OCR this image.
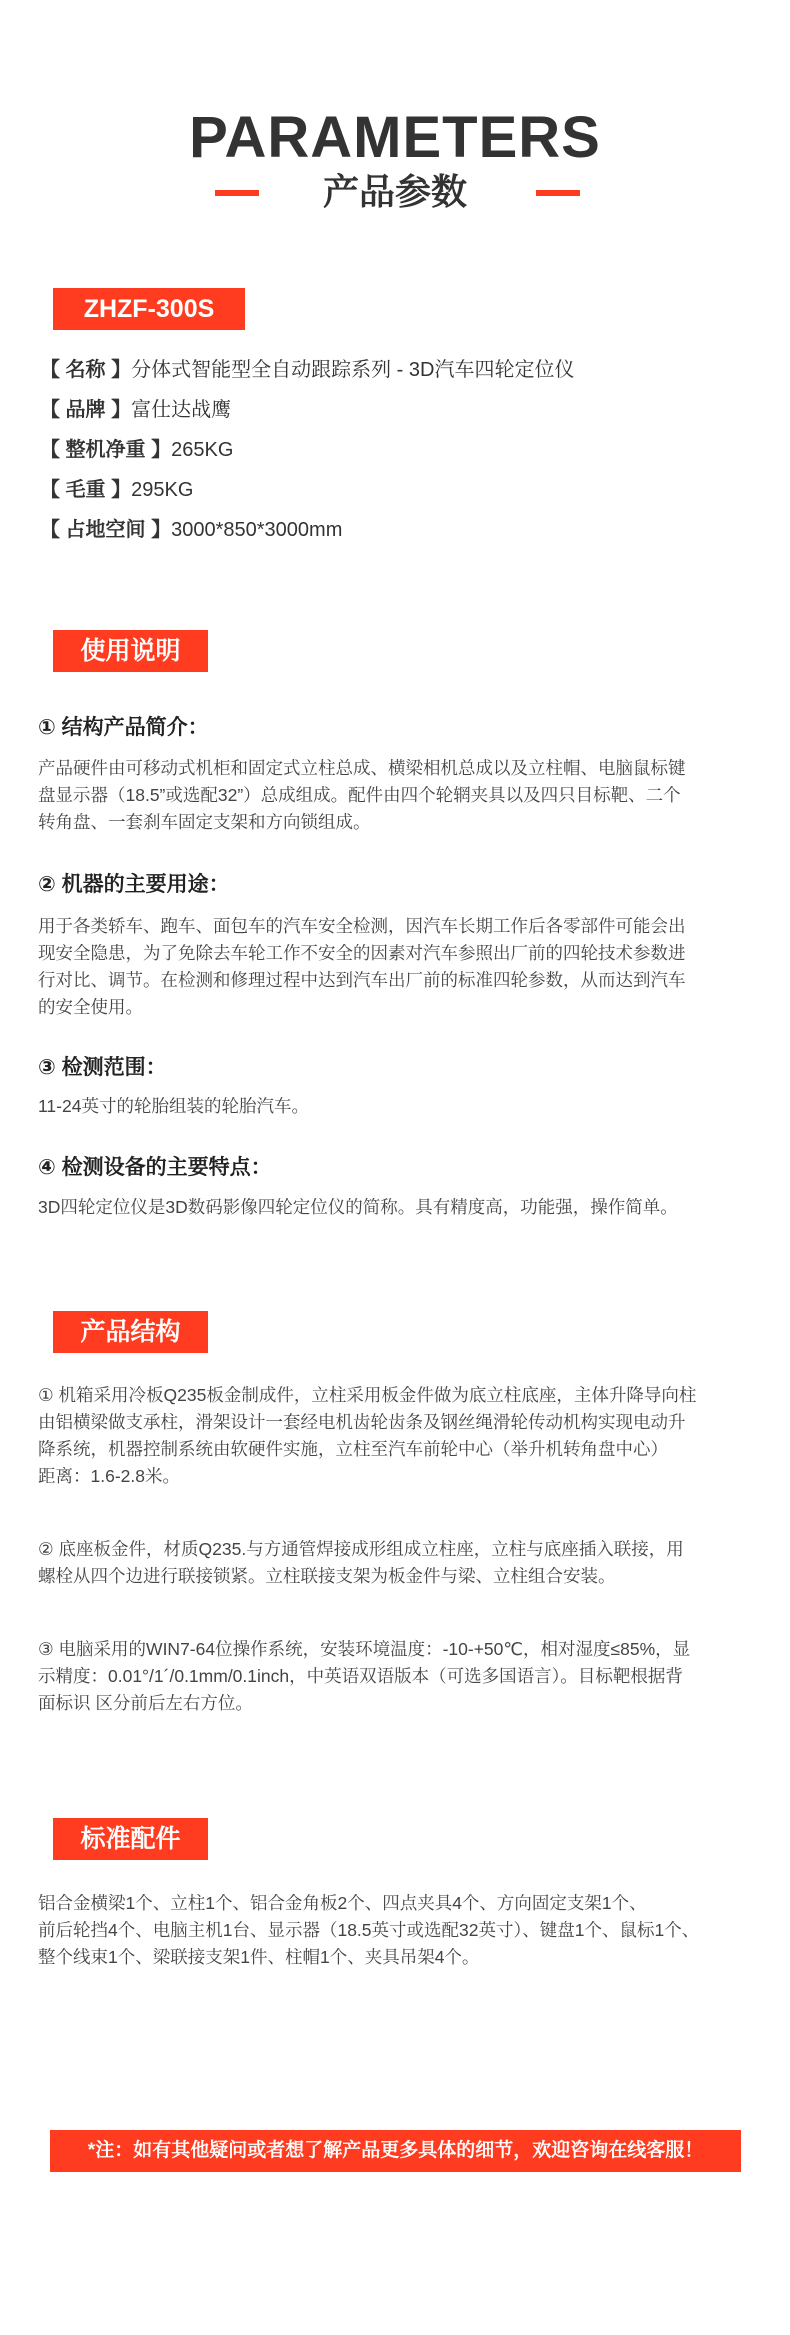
PARAMETERS
产品参数
ZHZF-300S
【 名称 】分体式智能型全自动跟踪系列 - 3D汽车四轮定位仪
【 品牌 】富仕达战鹰
【 整机净重 】265KG
【 毛重 】295KG
【 占地空间 】3000*850*3000mm
使用说明
① 结构产品简介：
产品硬件由可移动式机柜和固定式立柱总成、横梁相机总成以及立柱帽、电脑鼠标键
盘显示器（18.5”或选配32”）总成组成。配件由四个轮辋夹具以及四只目标靶、二个
转角盘、一套刹车固定支架和方向锁组成。
② 机器的主要用途：
用于各类轿车、跑车、面包车的汽车安全检测，因汽车长期工作后各零部件可能会出
现安全隐患，为了免除去车轮工作不安全的因素对汽车参照出厂前的四轮技术参数进
行对比、调节。在检测和修理过程中达到汽车出厂前的标准四轮参数，从而达到汽车
的安全使用。
③ 检测范围：
11-24英寸的轮胎组装的轮胎汽车。
④ 检测设备的主要特点：
3D四轮定位仪是3D数码影像四轮定位仪的简称。具有精度高，功能强，操作简单。
产品结构
① 机箱采用冷板Q235板金制成件，立柱采用板金件做为底立柱底座，主体升降导向柱
由铝横梁做支承柱，滑架设计一套经电机齿轮齿条及钢丝绳滑轮传动机构实现电动升
降系统，机器控制系统由软硬件实施，立柱至汽车前轮中心（举升机转角盘中心）
距离：1.6-2.8米。
② 底座板金件，材质Q235.与方通管焊接成形组成立柱座，立柱与底座插入联接，用
螺栓从四个边进行联接锁紧。立柱联接支架为板金件与梁、立柱组合安装。
③ 电脑采用的WIN7-64位操作系统，安装环境温度：-10-+50℃，相对湿度≤85%，显
示精度：0.01°/1´/0.1mm/0.1inch，中英语双语版本（可选多国语言）。目标靶根据背
面标识 区分前后左右方位。
标准配件
铝合金横梁1个、立柱1个、铝合金角板2个、四点夹具4个、方向固定支架1个、
前后轮挡4个、电脑主机1台、显示器（18.5英寸或选配32英寸）、键盘1个、鼠标1个、
整个线束1个、梁联接支架1件、柱帽1个、夹具吊架4个。
*注：如有其他疑问或者想了解产品更多具体的细节，欢迎咨询在线客服！
